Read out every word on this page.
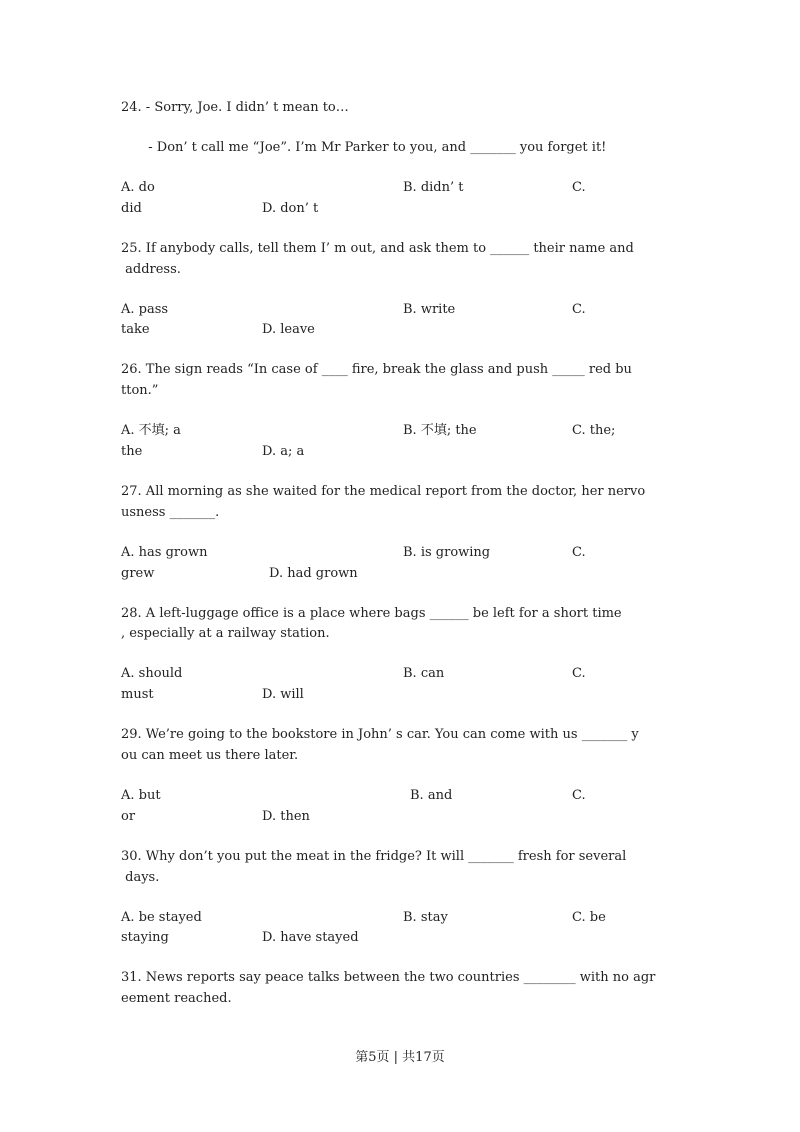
24. - Sorry, Joe. I didn’ t mean to…
- Don’ t call me “Joe”. I’m Mr Parker to you, and _______ you forget it!
A. do	B. didn’ t	C.
did	D. don’ t
25. If anybody calls, tell them I’ m out, and ask them to ______ their name and
address.
A. pass	B. write	C.
take	D. leave
26. The sign reads “In case of ____ fire, break the glass and push _____ red bu
tton.”
A. 不填; a	B. 不填; the	C. the;
the	D. a; a
27. All morning as she waited for the medical report from the doctor, her nervo
usness _______.
A. has grown	B. is growing	C.
grew	D. had grown
28. A left-luggage office is a place where bags ______ be left for a short time
, especially at a railway station.
A. should	B. can	C.
must	D. will
29. We’re going to the bookstore in John’ s car. You can come with us _______ y
ou can meet us there later.
A. but	B. and	C.
or	D. then
30. Why don’t you put the meat in the fridge? It will _______ fresh for several
days.
A. be stayed	B. stay	C. be
staying	D. have stayed
31. News reports say peace talks between the two countries ________ with no agr
eement reached.
第5页 | 共17页
